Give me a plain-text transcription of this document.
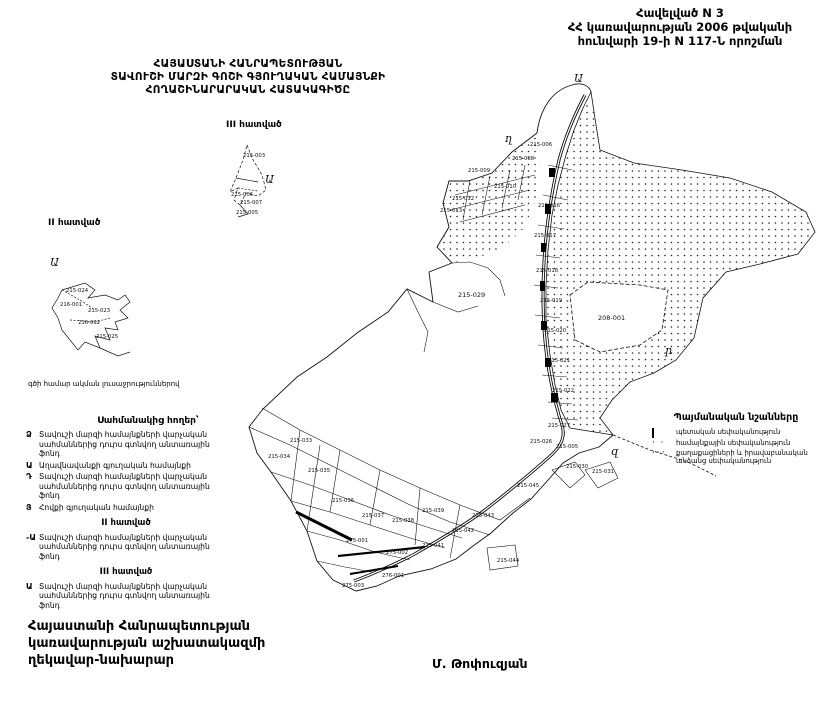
Ա
ղ
ր
զ
Ա
Ա
208-001
215-029
215-009
215-010
215-012
215-013
215-008
215-006
215-016
215-017
215-018
215-019
215-020
215-021
215-022
215-027
215-026
215-030
215-031
215-005
215-033
215-034
215-035
215-036
215-037
215-038
215-039
275-001
275-002
215-041
215-042
215-043
276-001
275-003
215-044
215-045
215-003
215-006
215-007
215-005
215-024
216-001
215-023
216-002
215-025
Հավելված N 3
ՀՀ կառավարության 2006 թվականի
հունվարի 19-ի N 117-Ն որոշման
ՀԱՅԱՍՏԱՆԻ ՀԱՆՐԱՊԵՏՈՒԹՅԱՆ
ՏԱՎՈՒՇԻ ՄԱՐԶԻ ԳՈՇԻ ԳՅՈՒՂԱԿԱՆ ՀԱՄԱՅՆՔԻ
ՀՈՂԱՇԻՆԱՐԱՐԱԿԱՆ ՀԱՏԱԿԱԳԻԾԸ
III հատված
II հատված
գծի համար ակման լուսաջրություններով
Սահմանակից հողեր՝
Ձ Տավուշի մարզի համայնքների վարչական սահմաններից դուրս գտնվող անտառային ֆոնդ
Ա Աղավնավանքի գյուղական համայնքի
Դ Տավուշի մարզի համայնքների վարչական սահմաններից դուրս գտնվող անտառային ֆոնդ
Յ Հովքի գյուղական համայնքի
II հատված
-Ա Տավուշի մարզի համայնքների վարչական սահմաններից դուրս գտնվող անտառային ֆոնդ
III հատված
Ա Տավուշի մարզի համայնքների վարչական սահմաններից դուրս գտնվող անտառային ֆոնդ
Պայմանական նշանները
պետական սեփականություն
· ·	համայնքային սեփականություն
···	քաղաքացիների և իրավաբանական անձանց սեփականություն
Հայաստանի Հանրապետության
կառավարության աշխատակազմի
ղեկավար-նախարար	Մ. Թոփուզյան
